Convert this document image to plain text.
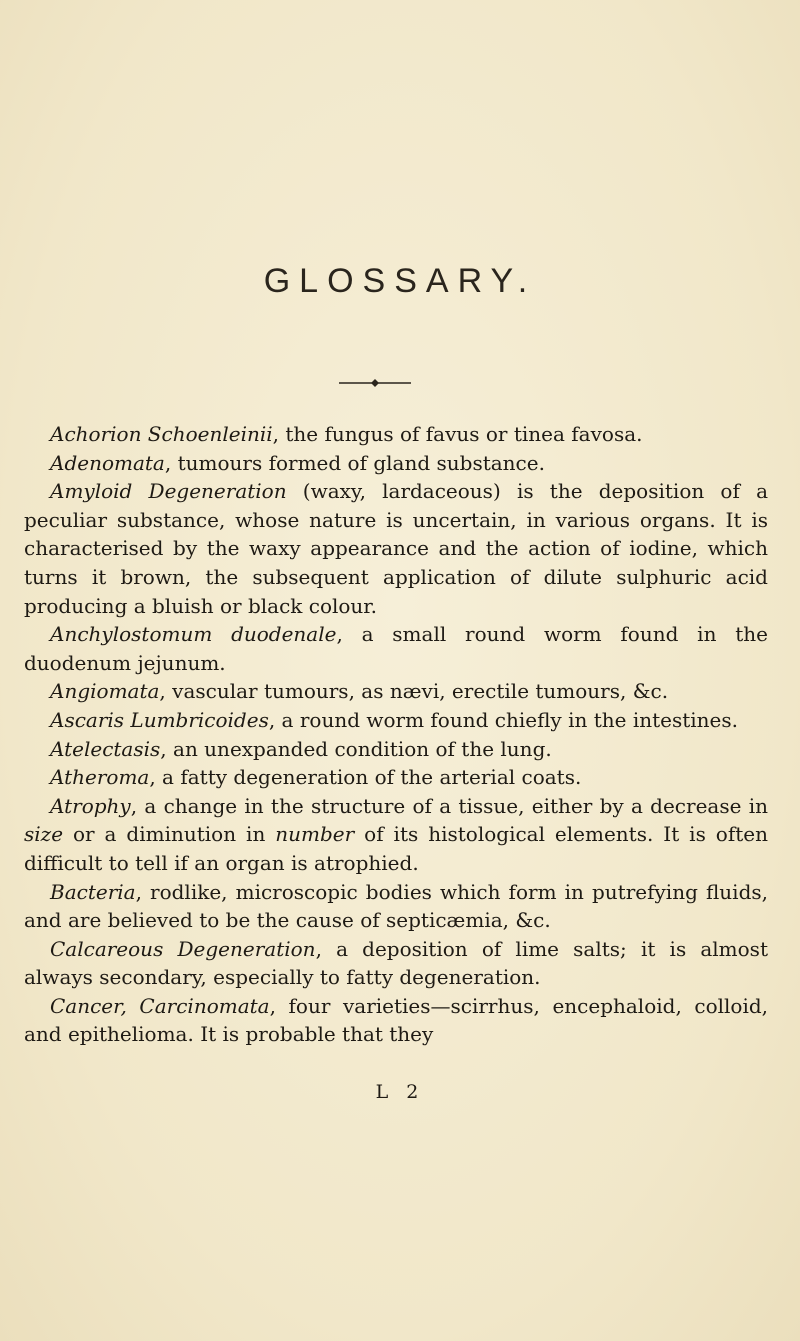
GLOSSARY.

Achorion Schoenleinii, the fungus of favus or tinea favosa.

Adenomata, tumours formed of gland substance.

Amyloid Degeneration (waxy, lardaceous) is the deposition of a peculiar substance, whose nature is uncertain, in various organs. It is characterised by the waxy appearance and the action of iodine, which turns it brown, the subsequent application of dilute sulphuric acid producing a bluish or black colour.

Anchylostomum duodenale, a small round worm found in the duodenum jejunum.

Angiomata, vascular tumours, as nævi, erectile tumours, &c.

Ascaris Lumbricoides, a round worm found chiefly in the intestines.

Atelectasis, an unexpanded condition of the lung.

Atheroma, a fatty degeneration of the arterial coats.

Atrophy, a change in the structure of a tissue, either by a decrease in size or a diminution in number of its histological elements. It is often difficult to tell if an organ is atrophied.

Bacteria, rodlike, microscopic bodies which form in putrefying fluids, and are believed to be the cause of septicæmia, &c.

Calcareous Degeneration, a deposition of lime salts; it is almost always secondary, especially to fatty degeneration.

Cancer, Carcinomata, four varieties—scirrhus, encephaloid, colloid, and epithelioma. It is probable that they

L 2
